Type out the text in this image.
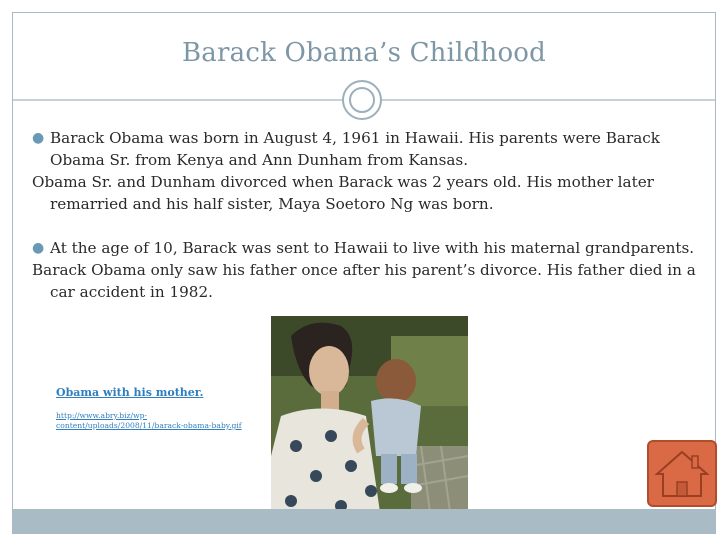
Barack Obama’s Childhood

● Barack Obama was born in August 4, 1961 in Hawaii. His parents were Barack Obama Sr. from Kenya and Ann Dunham from Kansas.

Obama Sr. and Dunham divorced when Barack was 2 years old. His mother later remarried and his half sister, Maya Soetoro Ng was born.

● At the age of 10, Barack was sent to Hawaii to live with his maternal grandparents.

Barack Obama only saw his father once after his parent’s divorce. His father died in a car accident in 1982.

Obama with his mother.
http://www.abry.biz/wp-content/uploads/2008/11/barack-obama-baby.gif
